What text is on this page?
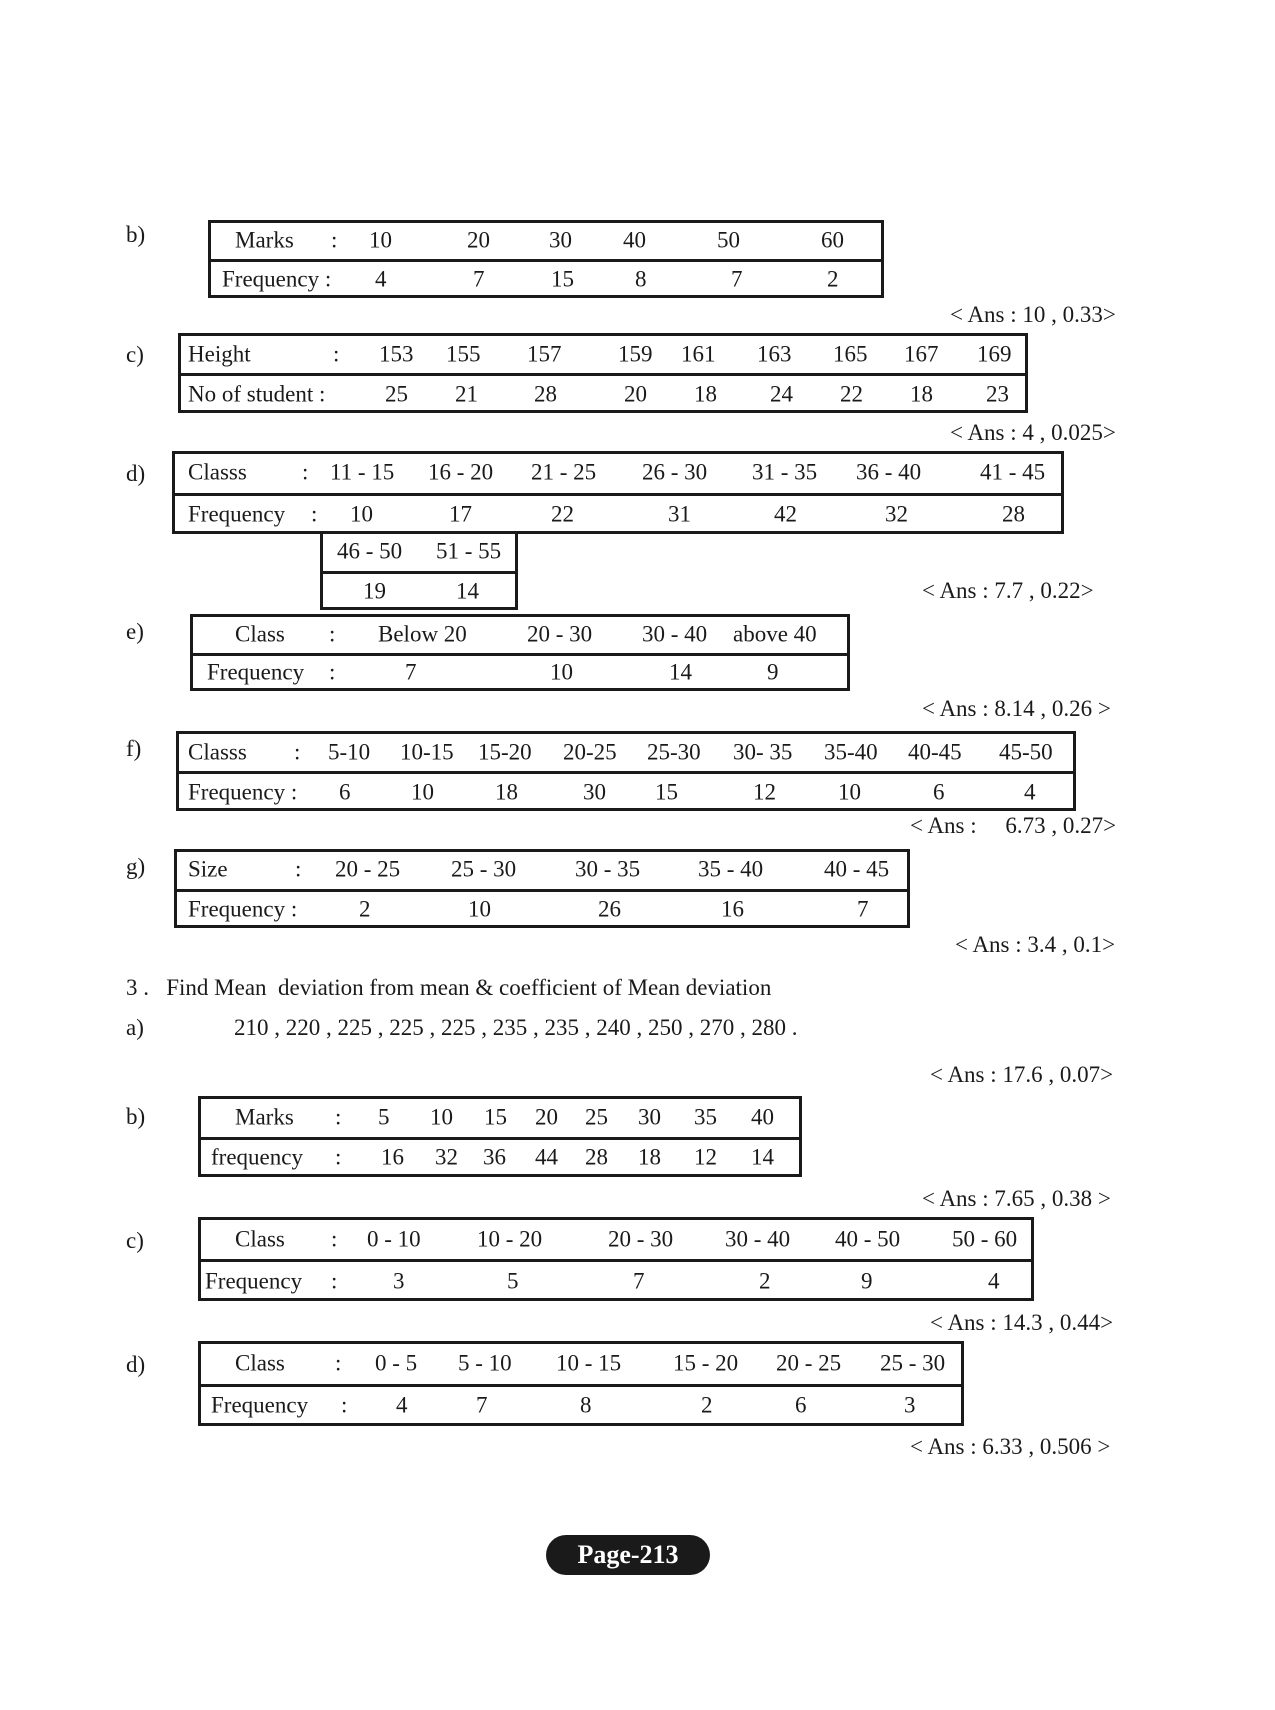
b)	Marks : 10	20	30 40	50	60
Frequency : 4	7	15	8	7	2
< Ans : 10 , 0.33>
c) Height	: 153 155 157 159 161 163 165 167 169
No of student :	25 21 28	20 18 24 22 18 23
< Ans : 4 , 0.025>
d) Classs : 11 - 15 16 - 20 21 - 25 26 - 30 31 - 35 36 - 40	41 - 45
Frequency : 10	17	22	31	42	32	28
46 - 50 51 - 55
19	14	< Ans : 7.7 , 0.22>
e)	Class : Below 20	20 - 30 30 - 40 above 40
Frequency :	7	10	14	9
< Ans : 8.14 , 0.26 >
f) Classs : 5-10 10-15 15-20 20-25 25-30 30- 35 35-40 40-45 45-50
Frequency : 6	10	18	30 15	12	10	6	4
< Ans :     6.73 , 0.27>
g) Size	: 20 - 25 25 - 30	30 - 35	35 - 40	40 - 45
Frequency :	2	10	26	16	7
< Ans : 3.4 , 0.1>
3 .   Find Mean  deviation from mean & coefficient of Mean deviation
a)	210 , 220 , 225 , 225 , 225 , 235 , 235 , 240 , 250 , 270 , 280 .
< Ans : 17.6 , 0.07>
b)	Marks : 5 10 15 20 25 30 35 40
frequency : 16 32 36 44 28 18 12 14
< Ans : 7.65 , 0.38 >
c)	Class : 0 - 10 10 - 20	20 - 30 30 - 40 40 - 50 50 - 60
Frequency : 3	5	7	2	9	4
< Ans : 14.3 , 0.44>
d)	Class : 0 - 5 5 - 10 10 - 15 15 - 20 20 - 25 25 - 30
Frequency : 4	7	8	2	6	3
< Ans : 6.33 , 0.506 >
Page-213
